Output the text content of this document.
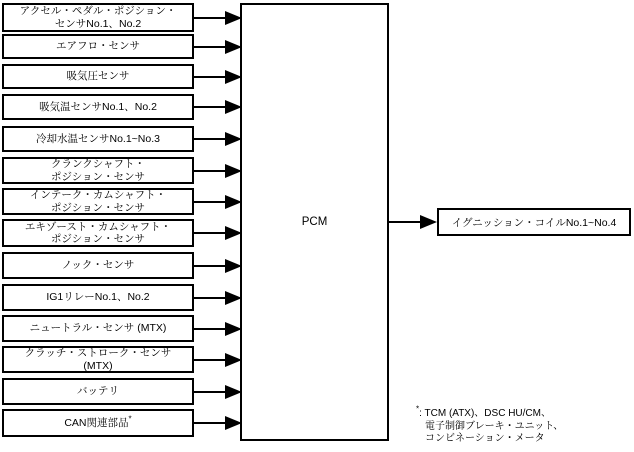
アクセル・ペダル・ポジション・
センサNo.1、No.2
エアフロ・センサ
吸気圧センサ
吸気温センサNo.1、No.2
冷却水温センサNo.1~No.3
クランクシャフト・
ポジション・センサ
インテーク・カムシャフト・
ポジション・センサ
エキゾースト・カムシャフト・
ポジション・センサ
ノック・センサ
IG1リレーNo.1、No.2
ニュートラル・センサ (MTX)
クラッチ・ストローク・センサ
(MTX)
バッテリ
CAN関連部品*
PCM	イグニッション・コイルNo.1~No.4
*: TCM (ATX)、DSC HU/CM、
電子制御ブレーキ・ユニット、
コンビネーション・メータ
